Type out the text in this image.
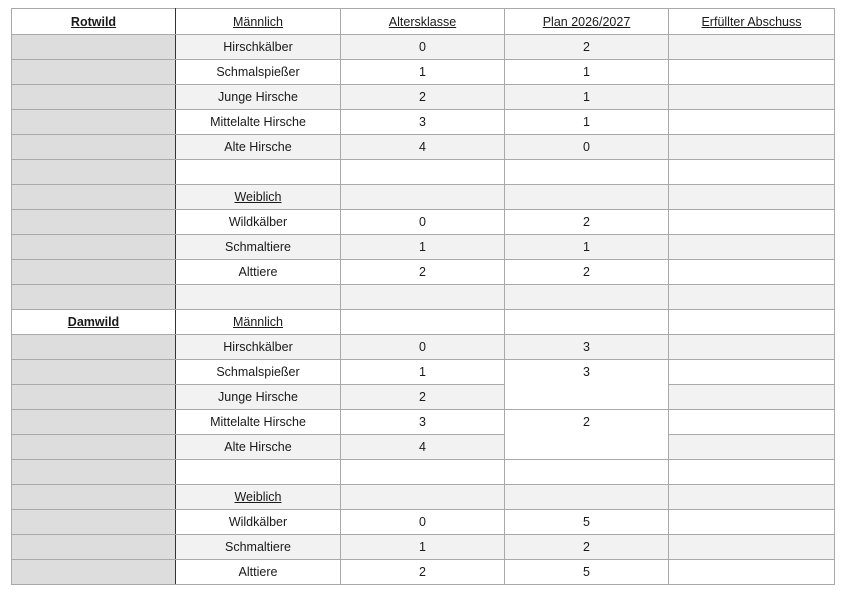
Rotwild	Männlich	Altersklasse	Plan 2026/2027	Erfüllter Abschuss
	Hirschkälber	0	2	
	Schmalspießer	1	1	
	Junge Hirsche	2	1	
	Mittelalte Hirsche	3	1	
	Alte Hirsche	4	0	

	Weiblich			
	Wildkälber	0	2	
	Schmaltiere	1	1	
	Alttiere	2	2	

Damwild	Männlich			
	Hirschkälber	0	3	
	Schmalspießer	1	3	
	Junge Hirsche	2		
	Mittelalte Hirsche	3	2	
	Alte Hirsche	4		

	Weiblich			
	Wildkälber	0	5	
	Schmaltiere	1	2	
	Alttiere	2	5	
